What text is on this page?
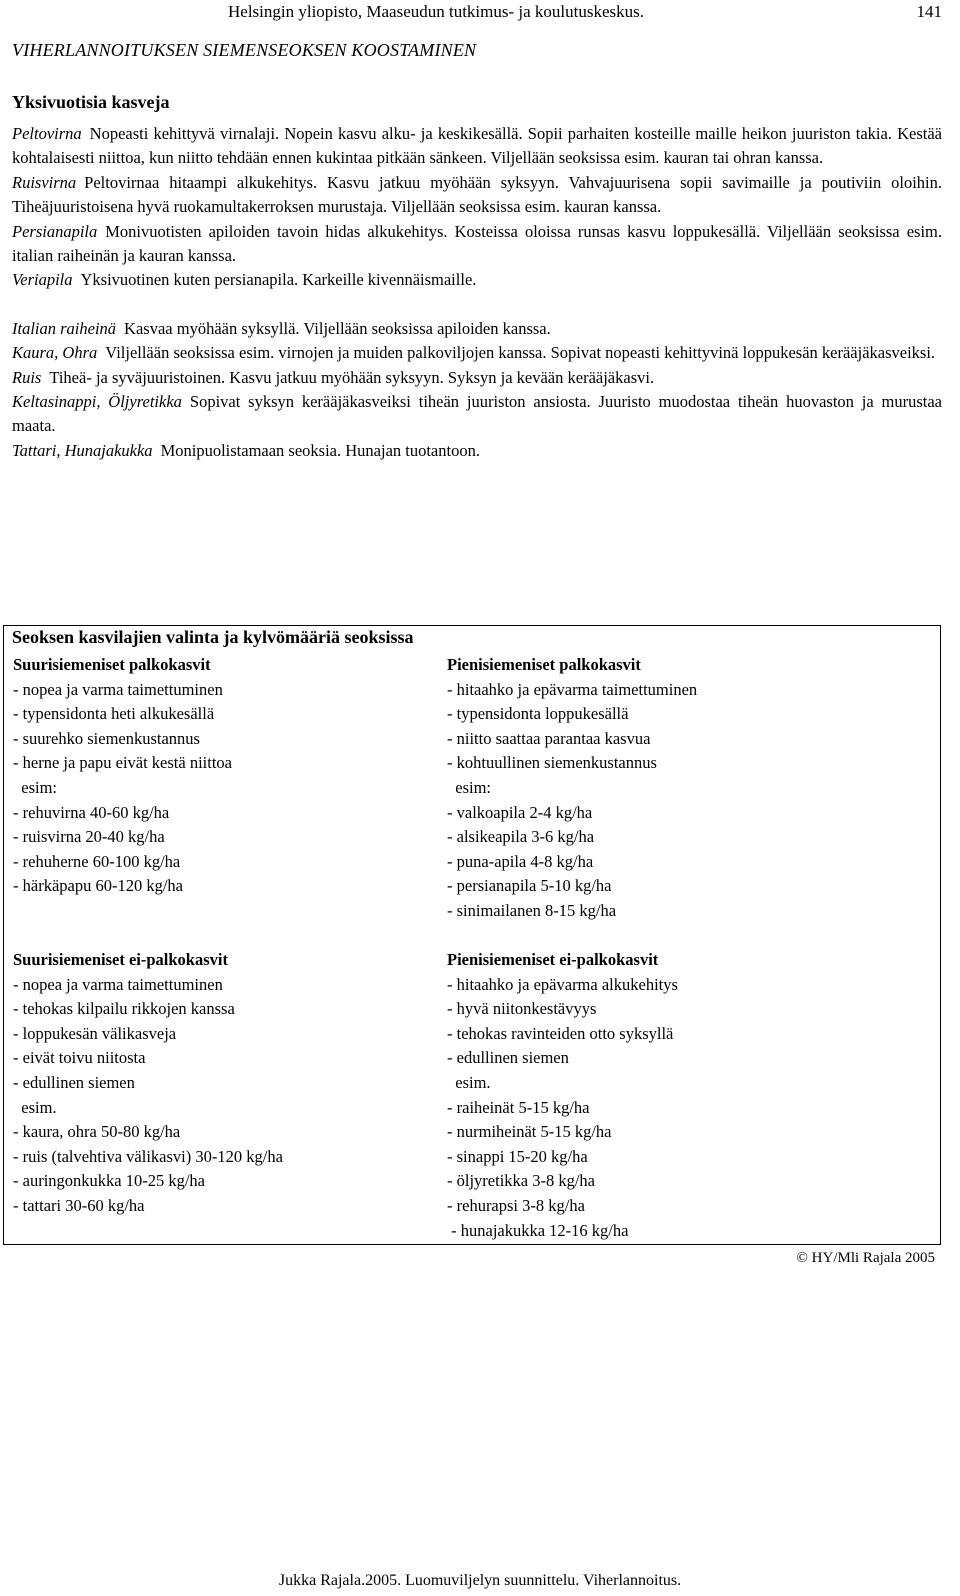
Helsingin yliopisto, Maaseudun tutkimus- ja koulutuskeskus.	141
VIHERLANNOITUKSEN SIEMENSEOKSEN KOOSTAMINEN
Yksivuotisia kasveja

Peltovirna Nopeasti kehittyvä virnalaji. Nopein kasvu alku- ja keskikesällä. Sopii parhaiten kosteille maille heikon juuriston takia. Kestää kohtalaisesti niittoa, kun niitto tehdään ennen kukintaa pitkään sänkeen. Viljellään seoksissa esim. kauran tai ohran kanssa.

Ruisvirna Peltovirnaa hitaampi alkukehitys. Kasvu jatkuu myöhään syksyyn. Vahvajuurisena sopii savimaille ja poutiviin oloihin. Tiheäjuuristoisena hyvä ruokamultakerroksen murustaja. Viljellään seoksissa esim. kauran kanssa.

Persianapila Monivuotisten apiloiden tavoin hidas alkukehitys. Kosteissa oloissa runsas kasvu loppukesällä. Viljellään seoksissa esim. italian raiheinän ja kauran kanssa.

Veriapila Yksivuotinen kuten persianapila. Karkeille kivennäismaille.

Italian raiheinä Kasvaa myöhään syksyllä. Viljellään seoksissa apiloiden kanssa.

Kaura, Ohra Viljellään seoksissa esim. virnojen ja muiden palkoviljojen kanssa. Sopivat nopeasti kehittyvinä loppukesän kerääjäkasveiksi.

Ruis Tiheä- ja syväjuuristoinen. Kasvu jatkuu myöhään syksyyn. Syksyn ja kevään kerääjäkasvi.

Keltasinappi, Öljyretikka Sopivat syksyn kerääjäkasveiksi tiheän juuriston ansiosta. Juuristo muodostaa tiheän huovaston ja murustaa maata.

Tattari, Hunajakukka Monipuolistamaan seoksia. Hunajan tuotantoon.

Seoksen kasvilajien valinta ja kylvömääriä seoksissa
Suurisiemeniset palkokasvit
- nopea ja varma taimettuminen
- typensidonta heti alkukesällä
- suurehko siemenkustannus
- herne ja papu eivät kestä niittoa
esim:
- rehuvirna 40-60 kg/ha
- ruisvirna 20-40 kg/ha
- rehuherne 60-100 kg/ha
- härkäpapu 60-120 kg/ha
Pienisiemeniset palkokasvit
- hitaahko ja epävarma taimettuminen
- typensidonta loppukesällä
- niitto saattaa parantaa kasvua
- kohtuullinen siemenkustannus
esim:
- valkoapila 2-4 kg/ha
- alsikeapila 3-6 kg/ha
- puna-apila 4-8 kg/ha
- persianapila 5-10 kg/ha
- sinimailanen 8-15 kg/ha
Suurisiemeniset ei-palkokasvit
- nopea ja varma taimettuminen
- tehokas kilpailu rikkojen kanssa
- loppukesän välikasveja
- eivät toivu niitosta
- edullinen siemen
esim.
- kaura, ohra 50-80 kg/ha
- ruis (talvehtiva välikasvi) 30-120 kg/ha
- auringonkukka 10-25 kg/ha
- tattari 30-60 kg/ha
Pienisiemeniset ei-palkokasvit
- hitaahko ja epävarma alkukehitys
- hyvä niitonkestävyys
- tehokas ravinteiden otto syksyllä
- edullinen siemen
esim.
- raiheinät 5-15 kg/ha
- nurmiheinät 5-15 kg/ha
- sinappi 15-20 kg/ha
- öljyretikka 3-8 kg/ha
- rehurapsi 3-8 kg/ha
- hunajakukka 12-16 kg/ha
© HY/Mli Rajala 2005
Jukka Rajala.2005. Luomuviljelyn suunnittelu. Viherlannoitus.
